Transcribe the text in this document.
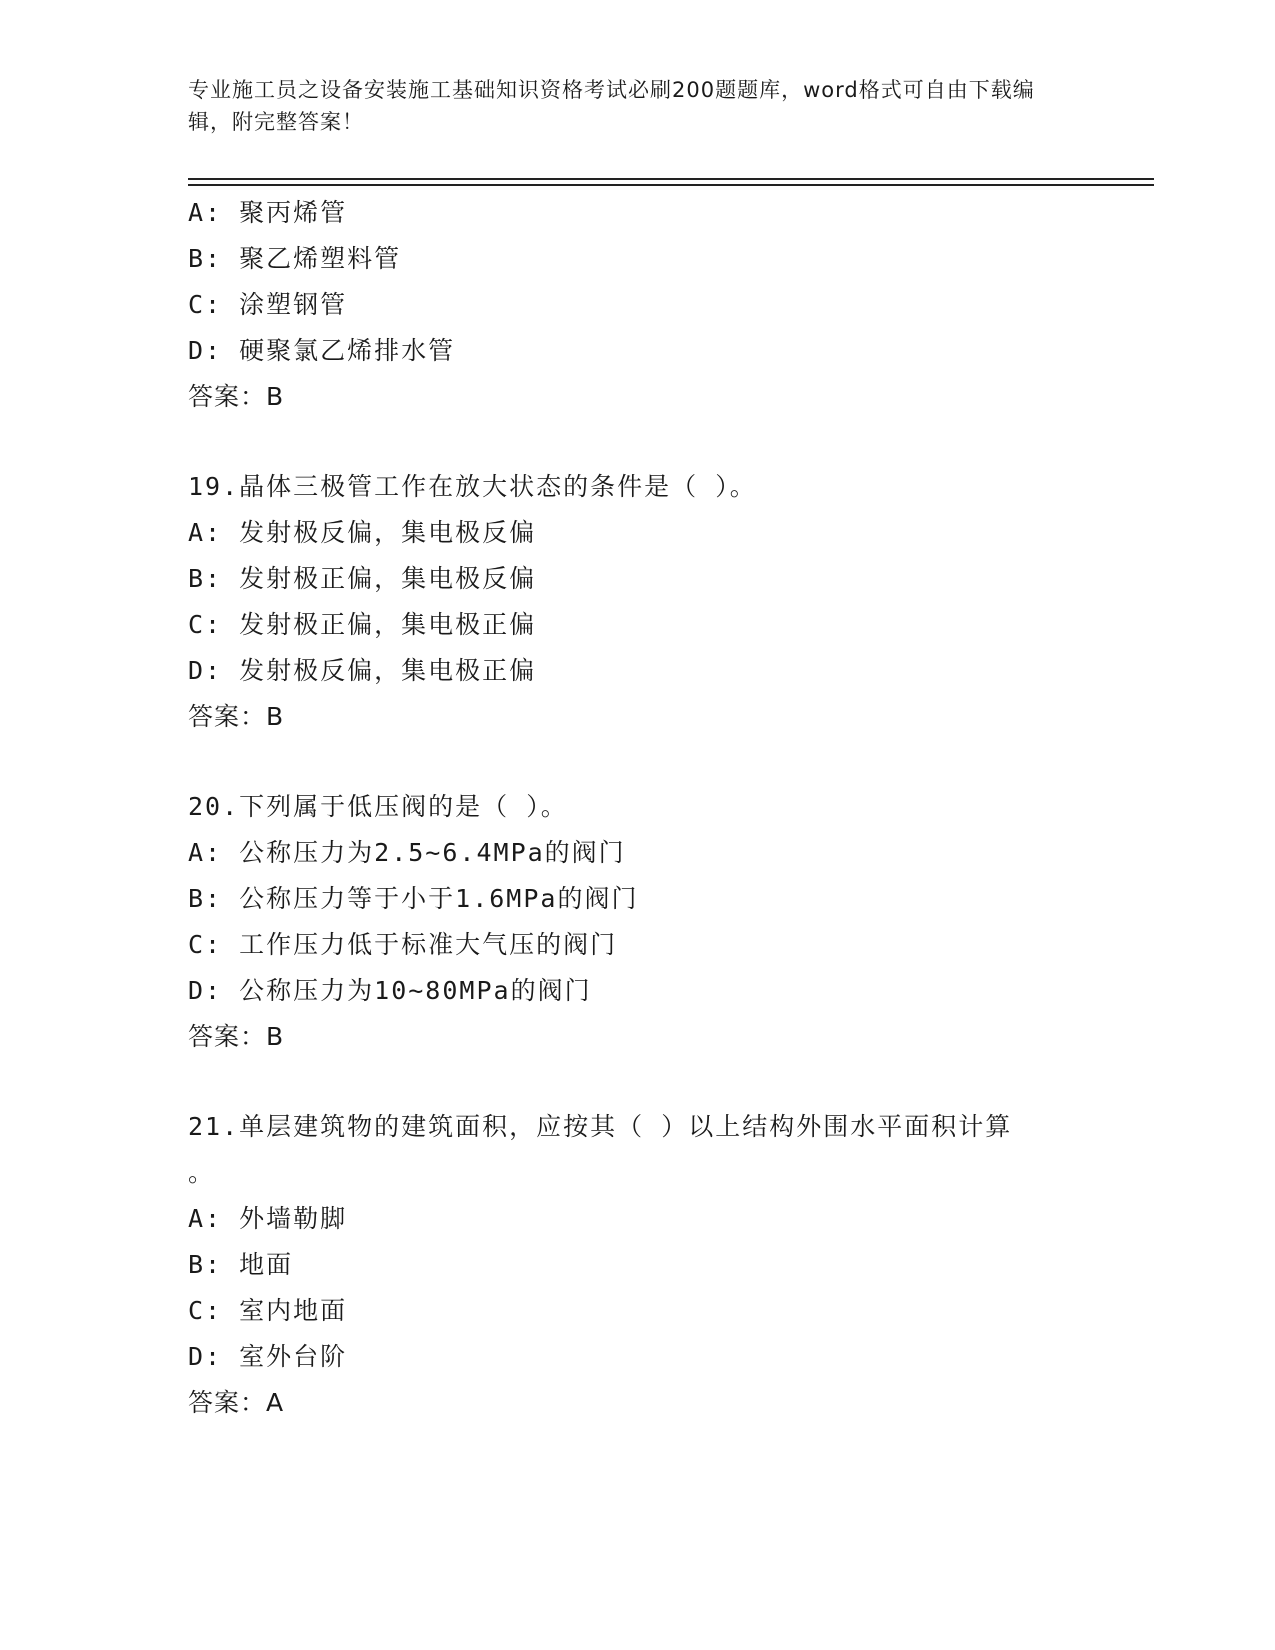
专业施工员之设备安装施工基础知识资格考试必刷200题题库，word格式可自由下载编辑，附完整答案！
A: 聚丙烯管
B: 聚乙烯塑料管
C: 涂塑钢管
D: 硬聚氯乙烯排水管
答案：B
19.晶体三极管工作在放大状态的条件是（ ）。
A: 发射极反偏，集电极反偏
B: 发射极正偏，集电极反偏
C: 发射极正偏，集电极正偏
D: 发射极反偏，集电极正偏
答案：B
20.下列属于低压阀的是（ ）。
A: 公称压力为2.5~6.4MPa的阀门
B: 公称压力等于小于1.6MPa的阀门
C: 工作压力低于标准大气压的阀门
D: 公称压力为10~80MPa的阀门
答案：B
21.单层建筑物的建筑面积，应按其（ ）以上结构外围水平面积计算
。
A: 外墙勒脚
B: 地面
C: 室内地面
D: 室外台阶
答案：A
